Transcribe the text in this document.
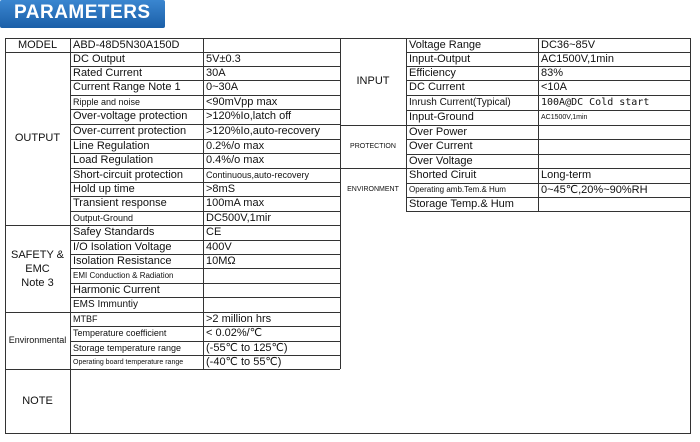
PARAMETERS
MODEL	ABD-48D5N30A150D
OUTPUT
DC Output	5V±0.3
Rated Current	30A
Current Range Note 1	0~30A
Ripple and noise	<90mVpp max
Over-voltage protection	>120%Io,latch off
Over-current protection	>120%Io,auto-recovery
Line Regulation	0.2%/o max
Load Regulation	0.4%/o max
Short-circuit protection	Continuous,auto-recovery
Hold up time	>8mS
Transient response	100mA max
Output-Ground	DC500V,1mir
SAFETY &
EMC
Note 3
Safey Standards	CE
I/O Isolation Voltage	400V
Isolation Resistance	10MΩ
EMI Conduction & Radiation
Harmonic Current
EMS Immuntiy
Environmental
MTBF	>2 million hrs
Temperature coefficient	< 0.02%/℃
Storage temperature range	(-55℃ to 125℃)
Operating board temperature range	(-40℃ to 55℃)
NOTE
INPUT
Voltage Range	DC36~85V
Input-Output	AC1500V,1min
Efficiency	83%
DC Current	<10A
Inrush Current(Typical)	100A@DC Cold start
Input-Ground	AC1500V,1min
PROTECTION
Over Power
Over Current
Over Voltage
ENVIRONMENT
Shorted Ciruit	Long-term
Operating amb.Tem.& Hum	0~45℃,20%~90%RH
Storage Temp.& Hum
